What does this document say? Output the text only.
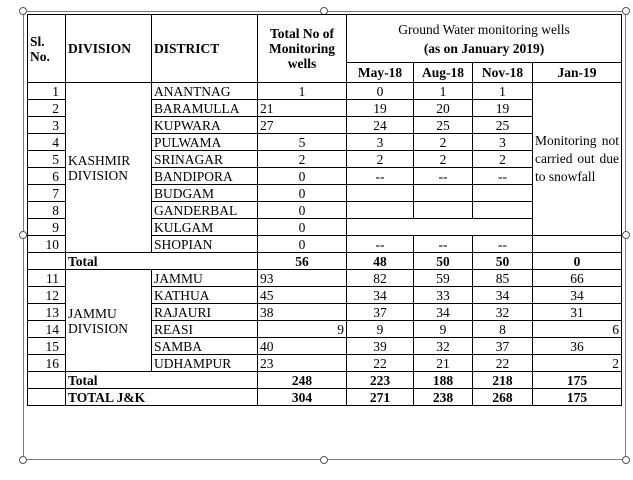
Sl. No.	DIVISION	DISTRICT	Total No of Monitoring wells	Ground Water monitoring wells
(as on January 2019)			

				May-18	Aug-18	Nov-18	Jan-19
1	KASHMIR DIVISION	ANANTNAG	1	0	1	1	Monitoring not carried out due to snowfall
2		BARAMULLA	21	19	20	19	
3		KUPWARA	27	24	25	25	
4		PULWAMA	5	3	2	3	
5		SRINAGAR	2	2	2	2	
6		BANDIPORA	0	--	--	--	
7		BUDGAM	0				
8		GANDERBAL	0				
9		KULGAM	0				
10		SHOPIAN	0	--	--	--	
	Total		56	48	50	50	0
11	JAMMU DIVISION	JAMMU	93	82	59	85	66
12		KATHUA	45	34	33	34	34
13		RAJAURI	38	37	34	32	31
14		REASI	9	9	9	8	6
15		SAMBA	40	39	32	37	36
16		UDHAMPUR	23	22	21	22	2
	Total		248	223	188	218	175
	TOTAL J&K		304	271	238	268	175
